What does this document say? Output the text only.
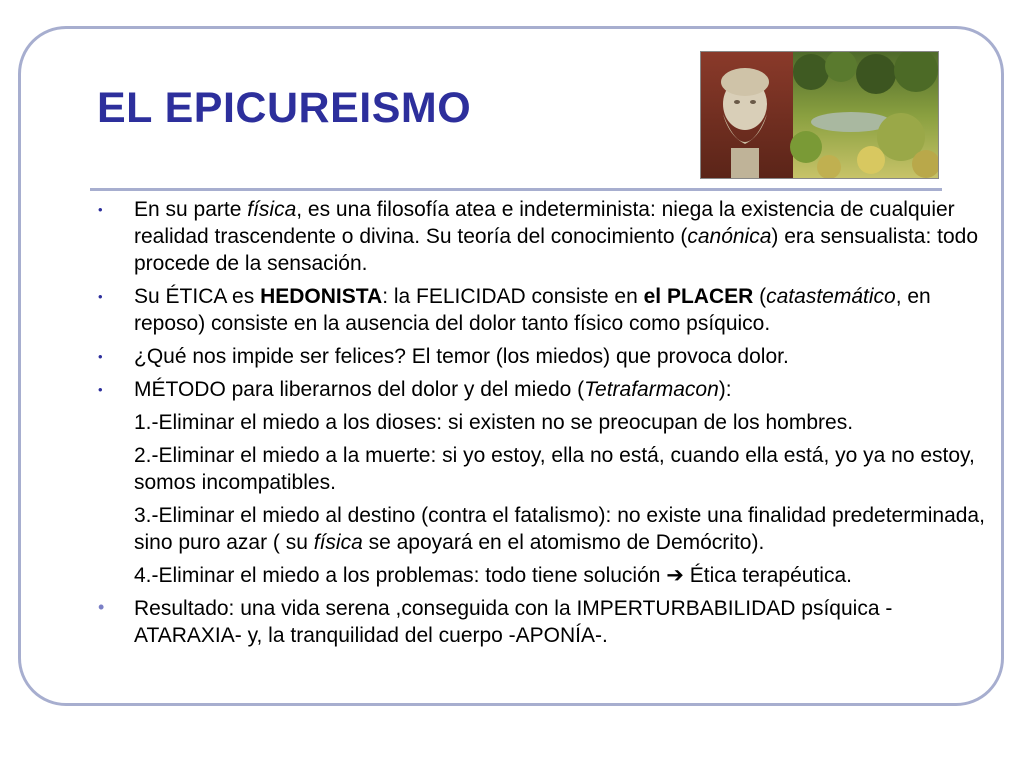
EL EPICUREISMO
• En su parte física, es una filosofía atea e indeterminista: niega la existencia de cualquier realidad trascendente o divina. Su teoría del conocimiento (canónica) era sensualista: todo procede de la sensación.
• Su ÉTICA es HEDONISTA: la FELICIDAD consiste en el PLACER (catastemático, en reposo) consiste en la ausencia del dolor tanto físico como psíquico.
• ¿Qué nos impide ser felices? El temor (los miedos) que provoca dolor.
• MÉTODO para liberarnos del dolor y del miedo (Tetrafarmacon):
1.-Eliminar el miedo a los dioses: si existen no se preocupan de los hombres.
2.-Eliminar el miedo a la muerte: si yo estoy, ella no está, cuando ella está, yo ya no estoy, somos incompatibles.
3.-Eliminar el miedo al destino (contra el fatalismo): no existe una finalidad predeterminada, sino puro azar ( su física se apoyará en el atomismo de Demócrito).
4.-Eliminar el miedo a los problemas: todo tiene solución ➔ Ética terapéutica.
• Resultado: una vida serena ,conseguida con la IMPERTURBABILIDAD psíquica -ATARAXIA- y, la tranquilidad del cuerpo -APONÍA-.
